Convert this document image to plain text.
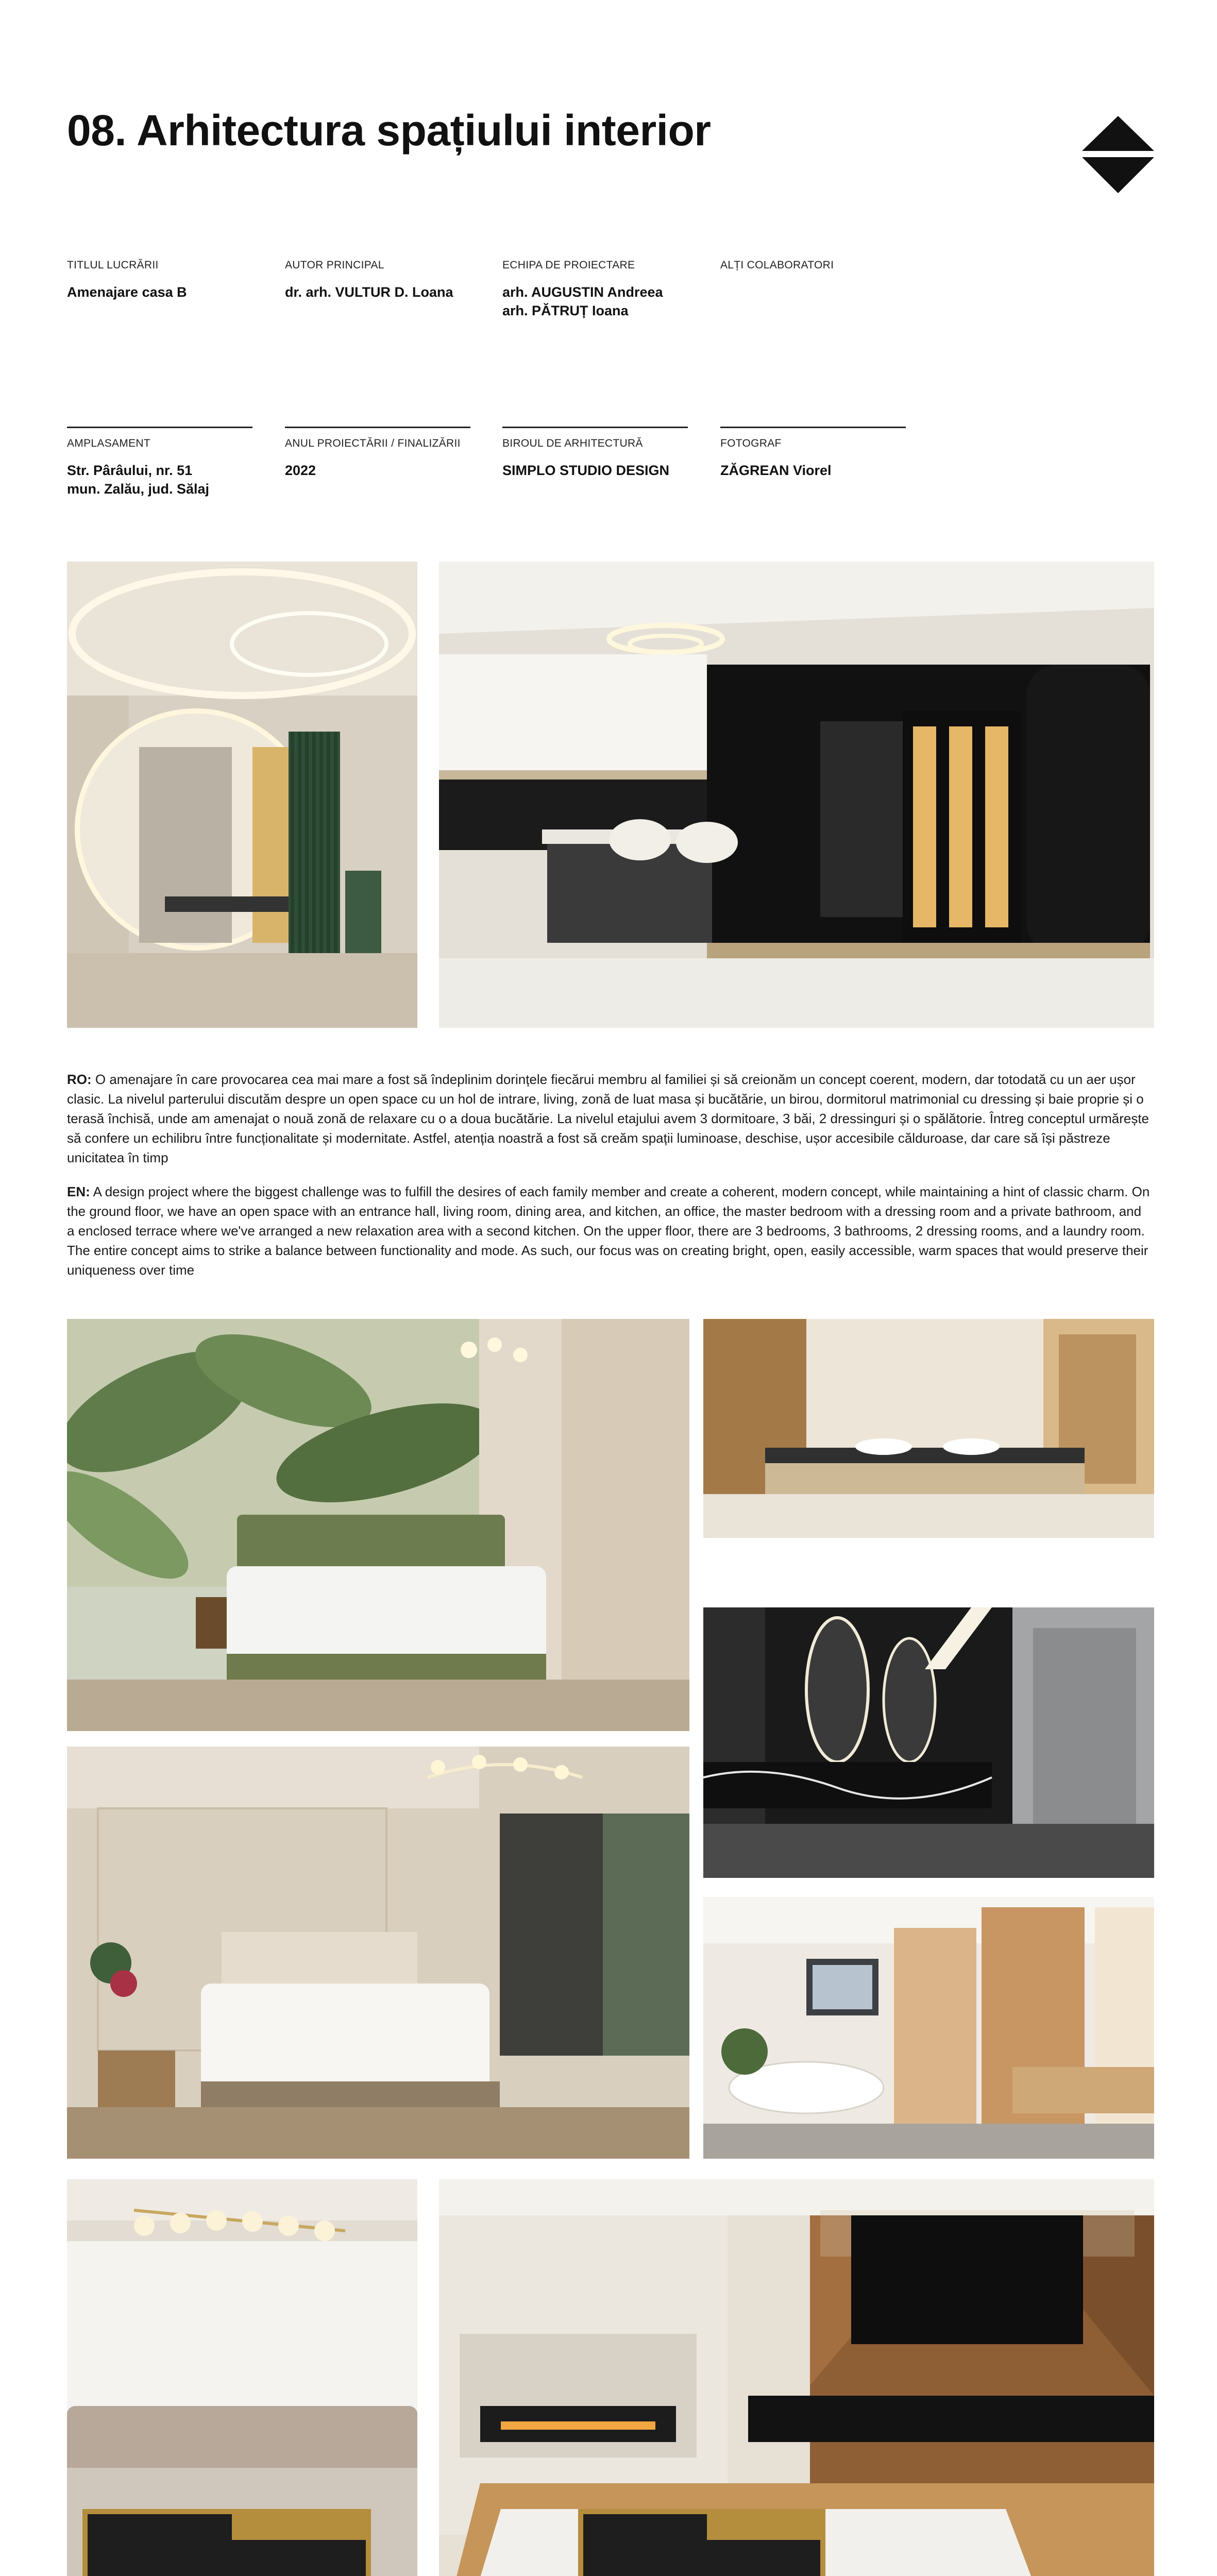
08. Arhitectura spațiului interior
TITLUL LUCRĂRII
Amenajare casa B
AUTOR PRINCIPAL
dr. arh. VULTUR D. Loana
ECHIPA DE PROIECTARE
arh. AUGUSTIN Andreea
arh. PĂTRUȚ Ioana
ALȚI COLABORATORI
AMPLASAMENT
Str. Pârâului, nr. 51
mun. Zalău, jud. Sălaj
ANUL PROIECTĂRII / FINALIZĂRII
2022
BIROUL DE ARHITECTURĂ
SIMPLO STUDIO DESIGN
FOTOGRAF
ZĂGREAN Viorel
RO: O amenajare în care provocarea cea mai mare a fost să îndeplinim dorințele fiecărui membru al familiei și să creionăm un concept coerent, modern, dar totodată cu un aer ușor clasic. La nivelul parterului discutăm despre un open space cu un hol de intrare, living, zonă de luat masa și bucătărie, un birou, dormitorul matrimonial cu dressing și baie proprie și o terasă închisă, unde am amenajat o nouă zonă de relaxare cu o a doua bucătărie. La nivelul etajului avem 3 dormitoare, 3 băi, 2 dressinguri și o spălătorie. Întreg conceptul urmărește să confere un echilibru între funcționalitate și modernitate. Astfel, atenția noastră a fost să creăm spații luminoase, deschise, ușor accesibile călduroase, dar care să își păstreze unicitatea în timp
EN: A design project where the biggest challenge was to fulfill the desires of each family member and create a coherent, modern concept, while maintaining a hint of classic charm. On the ground floor, we have an open space with an entrance hall, living room, dining area, and kitchen, an office, the master bedroom with a dressing room and a private bathroom, and a enclosed terrace where we've arranged a new relaxation area with a second kitchen. On the upper floor, there are 3 bedrooms, 3 bathrooms, 2 dressing rooms, and a laundry room. The entire concept aims to strike a balance between functionality and mode. As such, our focus was on creating bright, open, easily accessible, warm spaces that would preserve their uniqueness over time
